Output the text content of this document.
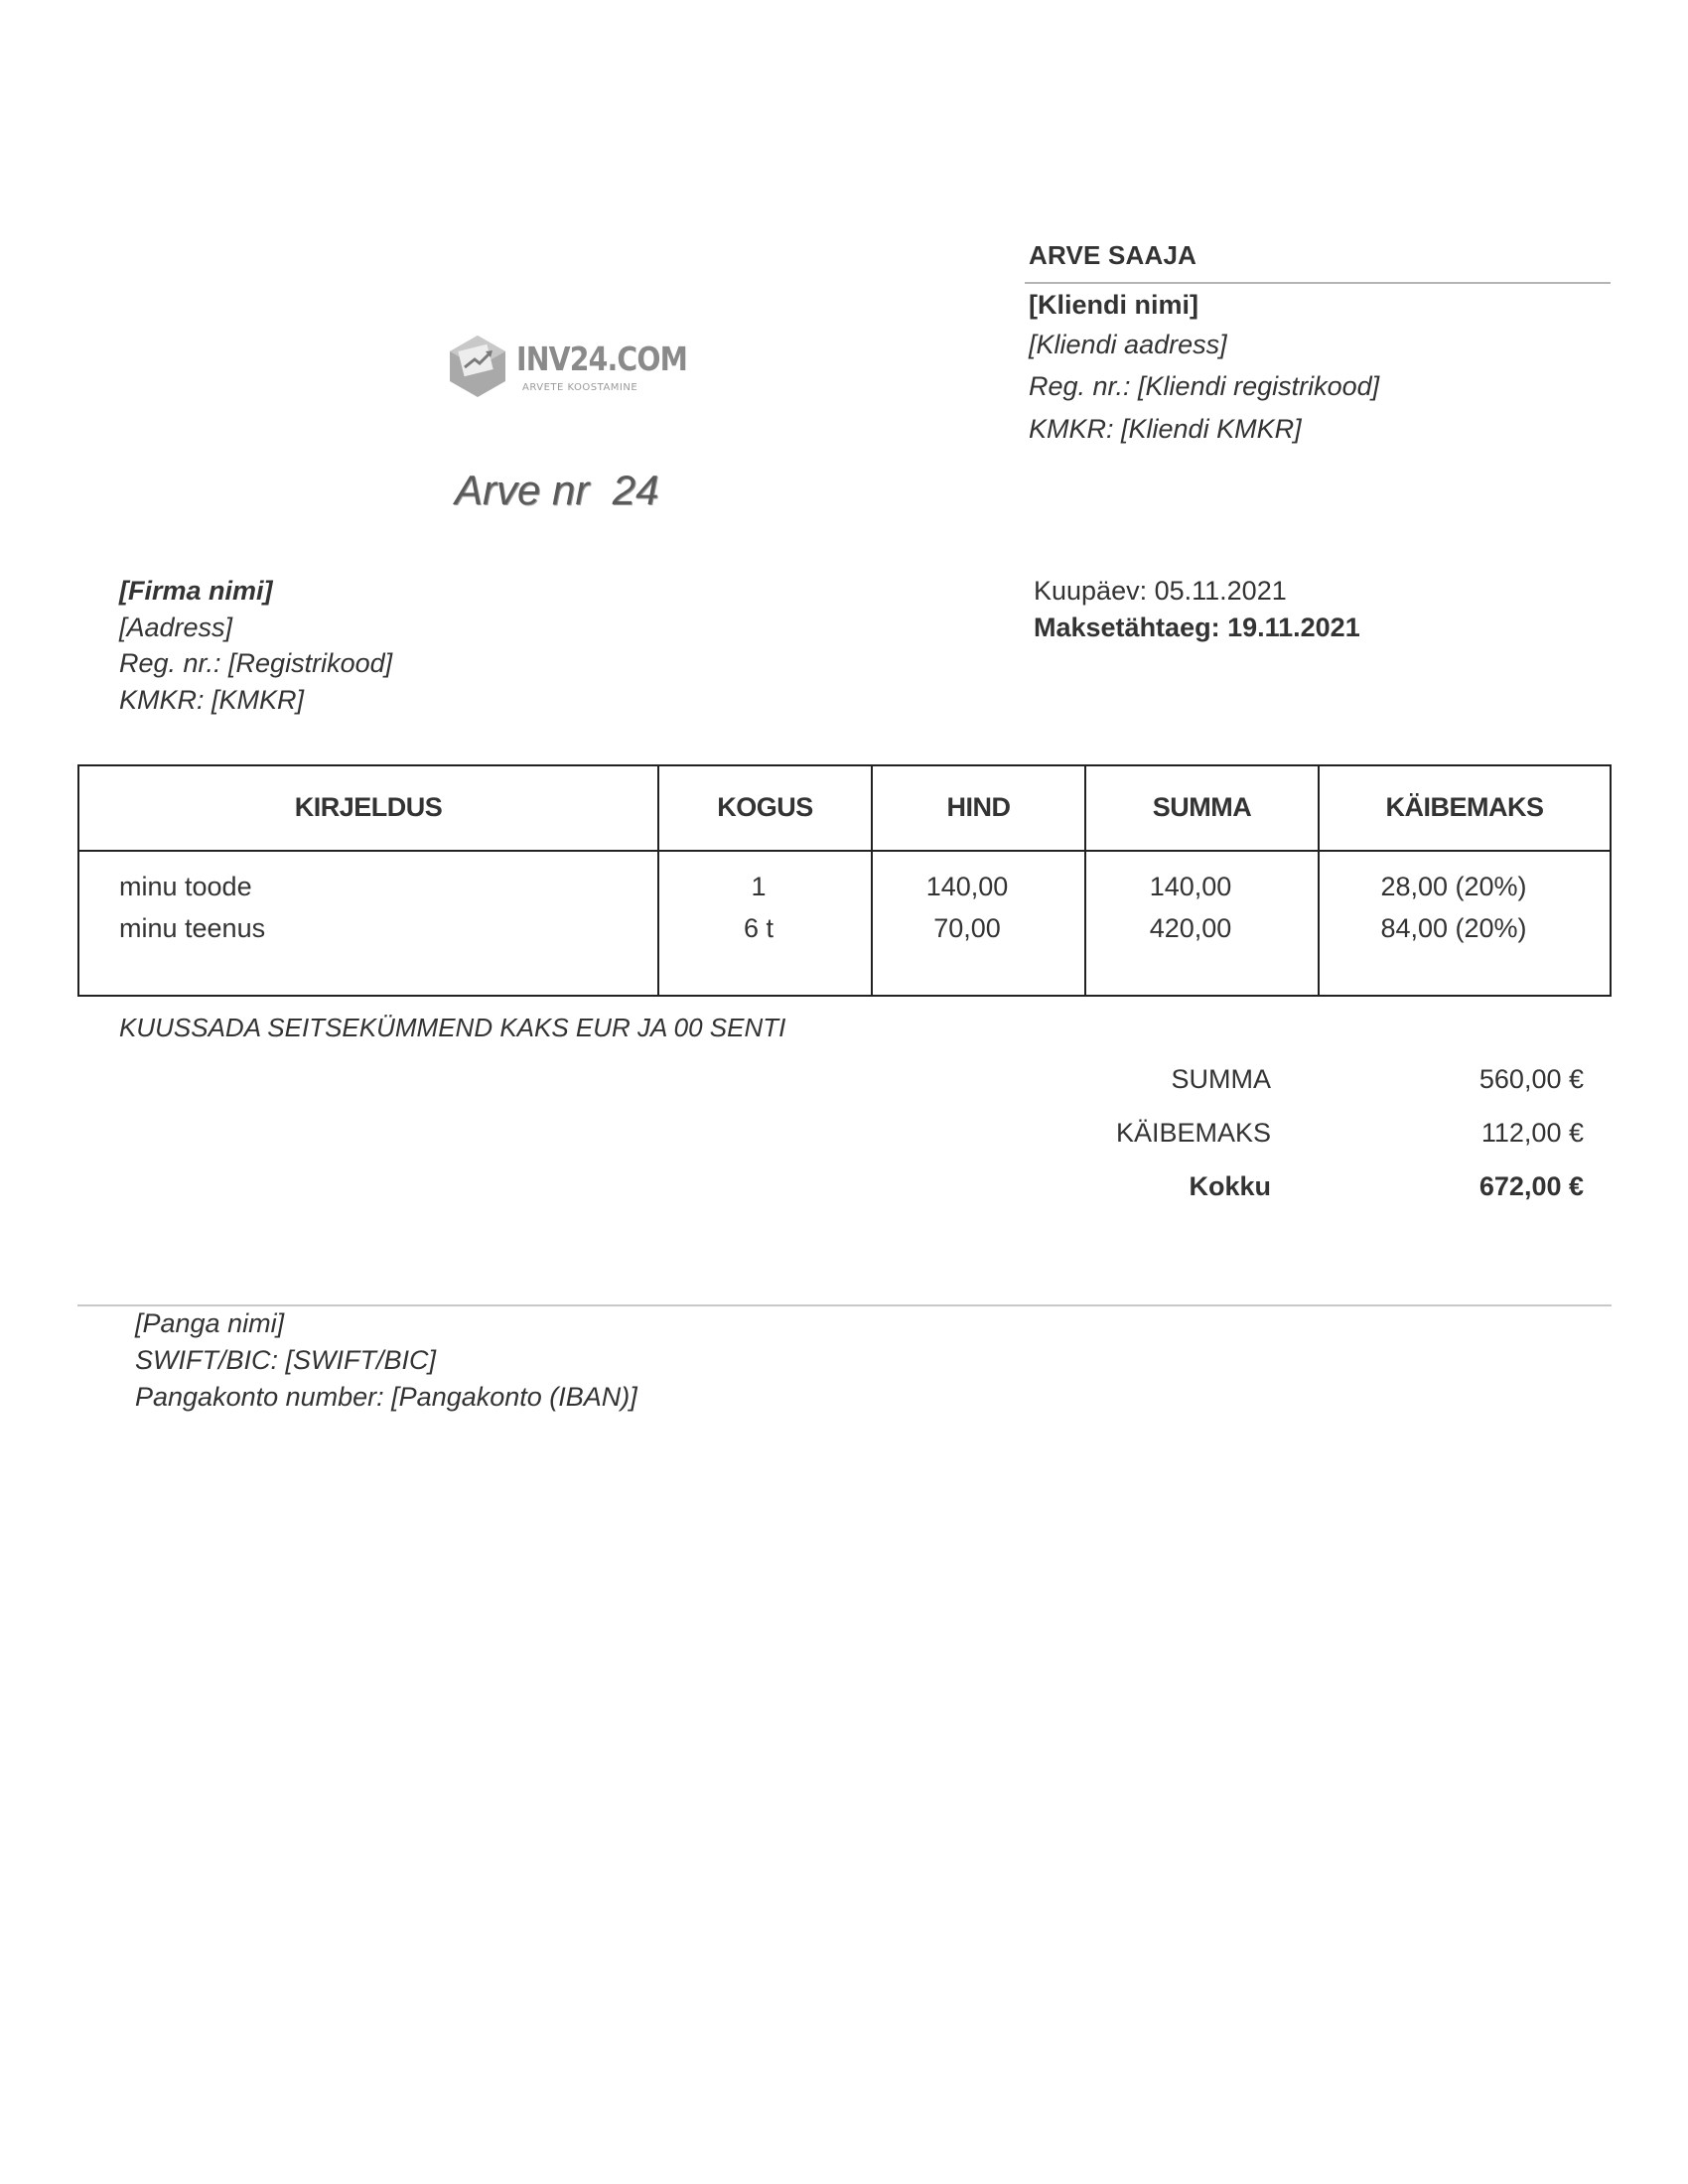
ARVE SAAJA
[Kliendi nimi]
[Kliendi aadress]
Reg. nr.: [Kliendi registrikood]
KMKR: [Kliendi KMKR]
INV24.COM
ARVETE KOOSTAMINE
Arve nr  24
[Firma nimi]
[Aadress]
Reg. nr.: [Registrikood]
KMKR: [KMKR]
Kuupäev: 05.11.2021
Maksetähtaeg: 19.11.2021
KIRJELDUS	KOGUS	HIND	SUMMA	KÄIBEMAKS
minu toode	1	140,00	140,00	28,00 (20%)
minu teenus	6 t	70,00	420,00	84,00 (20%)
KUUSSADA SEITSEKÜMMEND KAKS EUR JA 00 SENTI
SUMMA	560,00 €
KÄIBEMAKS	112,00 €
Kokku	672,00 €
[Panga nimi]
SWIFT/BIC: [SWIFT/BIC]
Pangakonto number: [Pangakonto (IBAN)]
